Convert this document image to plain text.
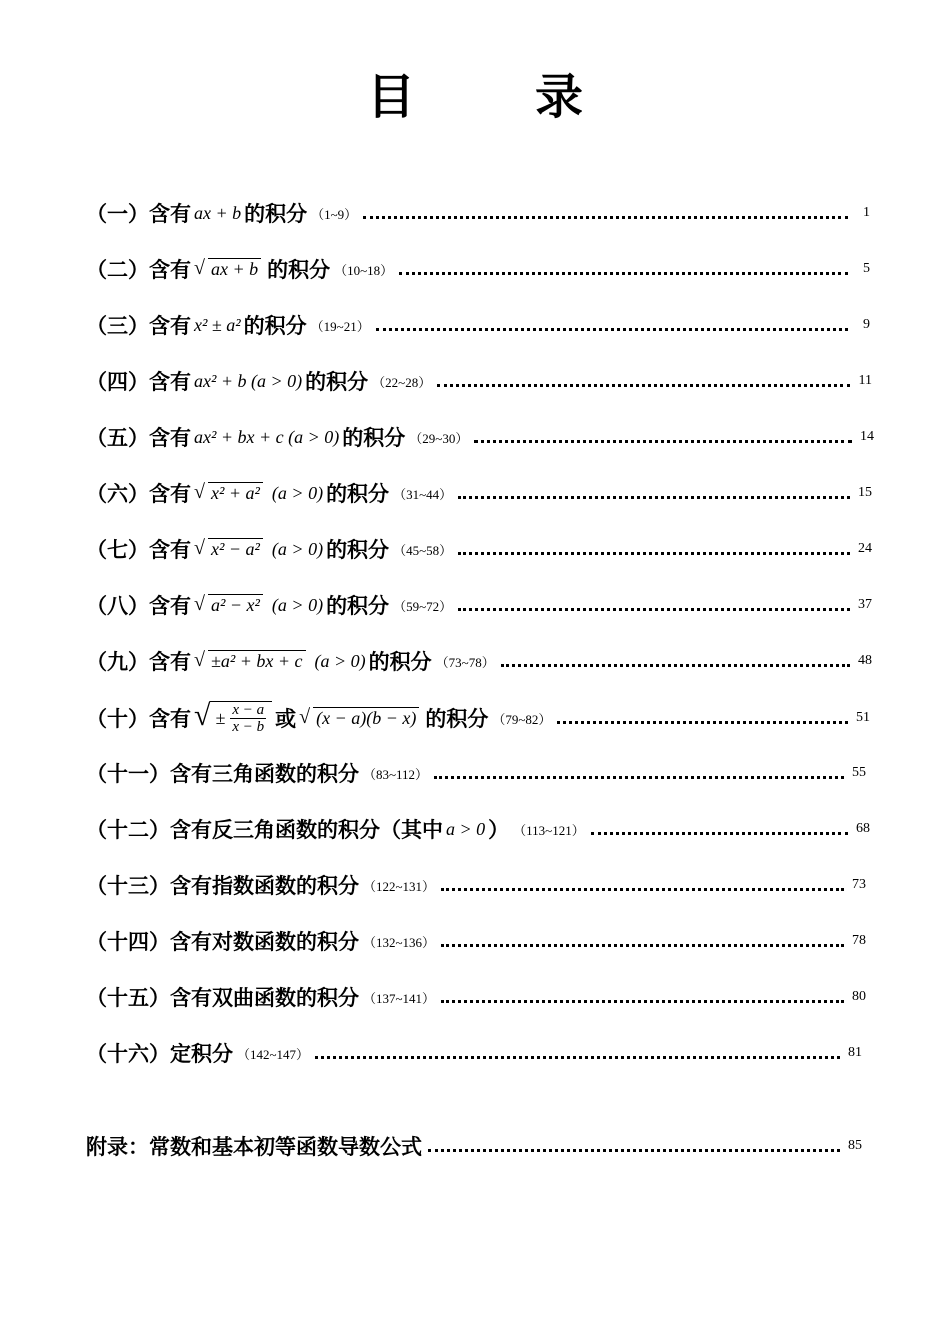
目	录
（一） 含有 ax + b 的积分 （1~9）	1
（二） 含有 √ ax + b 的积分 （10~18）	5
（三） 含有 x² ± a² 的积分 （19~21）	9
（四） 含有 ax² + b (a > 0) 的积分 （22~28）	11
（五） 含有 ax² + bx + c (a > 0) 的积分 （29~30）	14
（六） 含有 √ x² + a² (a > 0) 的积分 （31~44）	15
（七） 含有 √ x² − a² (a > 0) 的积分 （45~58）	24
（八） 含有 √ a² − x² (a > 0) 的积分 （59~72）	37
（九） 含有 √ ±a² + bx + c (a > 0) 的积分 （73~78）	48
（十） 含有 √ ± $\frac{x - a}{x - b}$ 或 √ (x − a)(b − x) 的积分 （79~82）	51
（十一） 含有三角函数的积分 （83~112）	55
（十二） 含有反三角函数的积分（其中 a > 0 ） （113~121）	68
（十三） 含有指数函数的积分 （122~131）	73
（十四） 含有对数函数的积分 （132~136）	78
（十五） 含有双曲函数的积分 （137~141）	80
（十六） 定积分 （142~147）	81
附录：常数和基本初等函数导数公式	85
